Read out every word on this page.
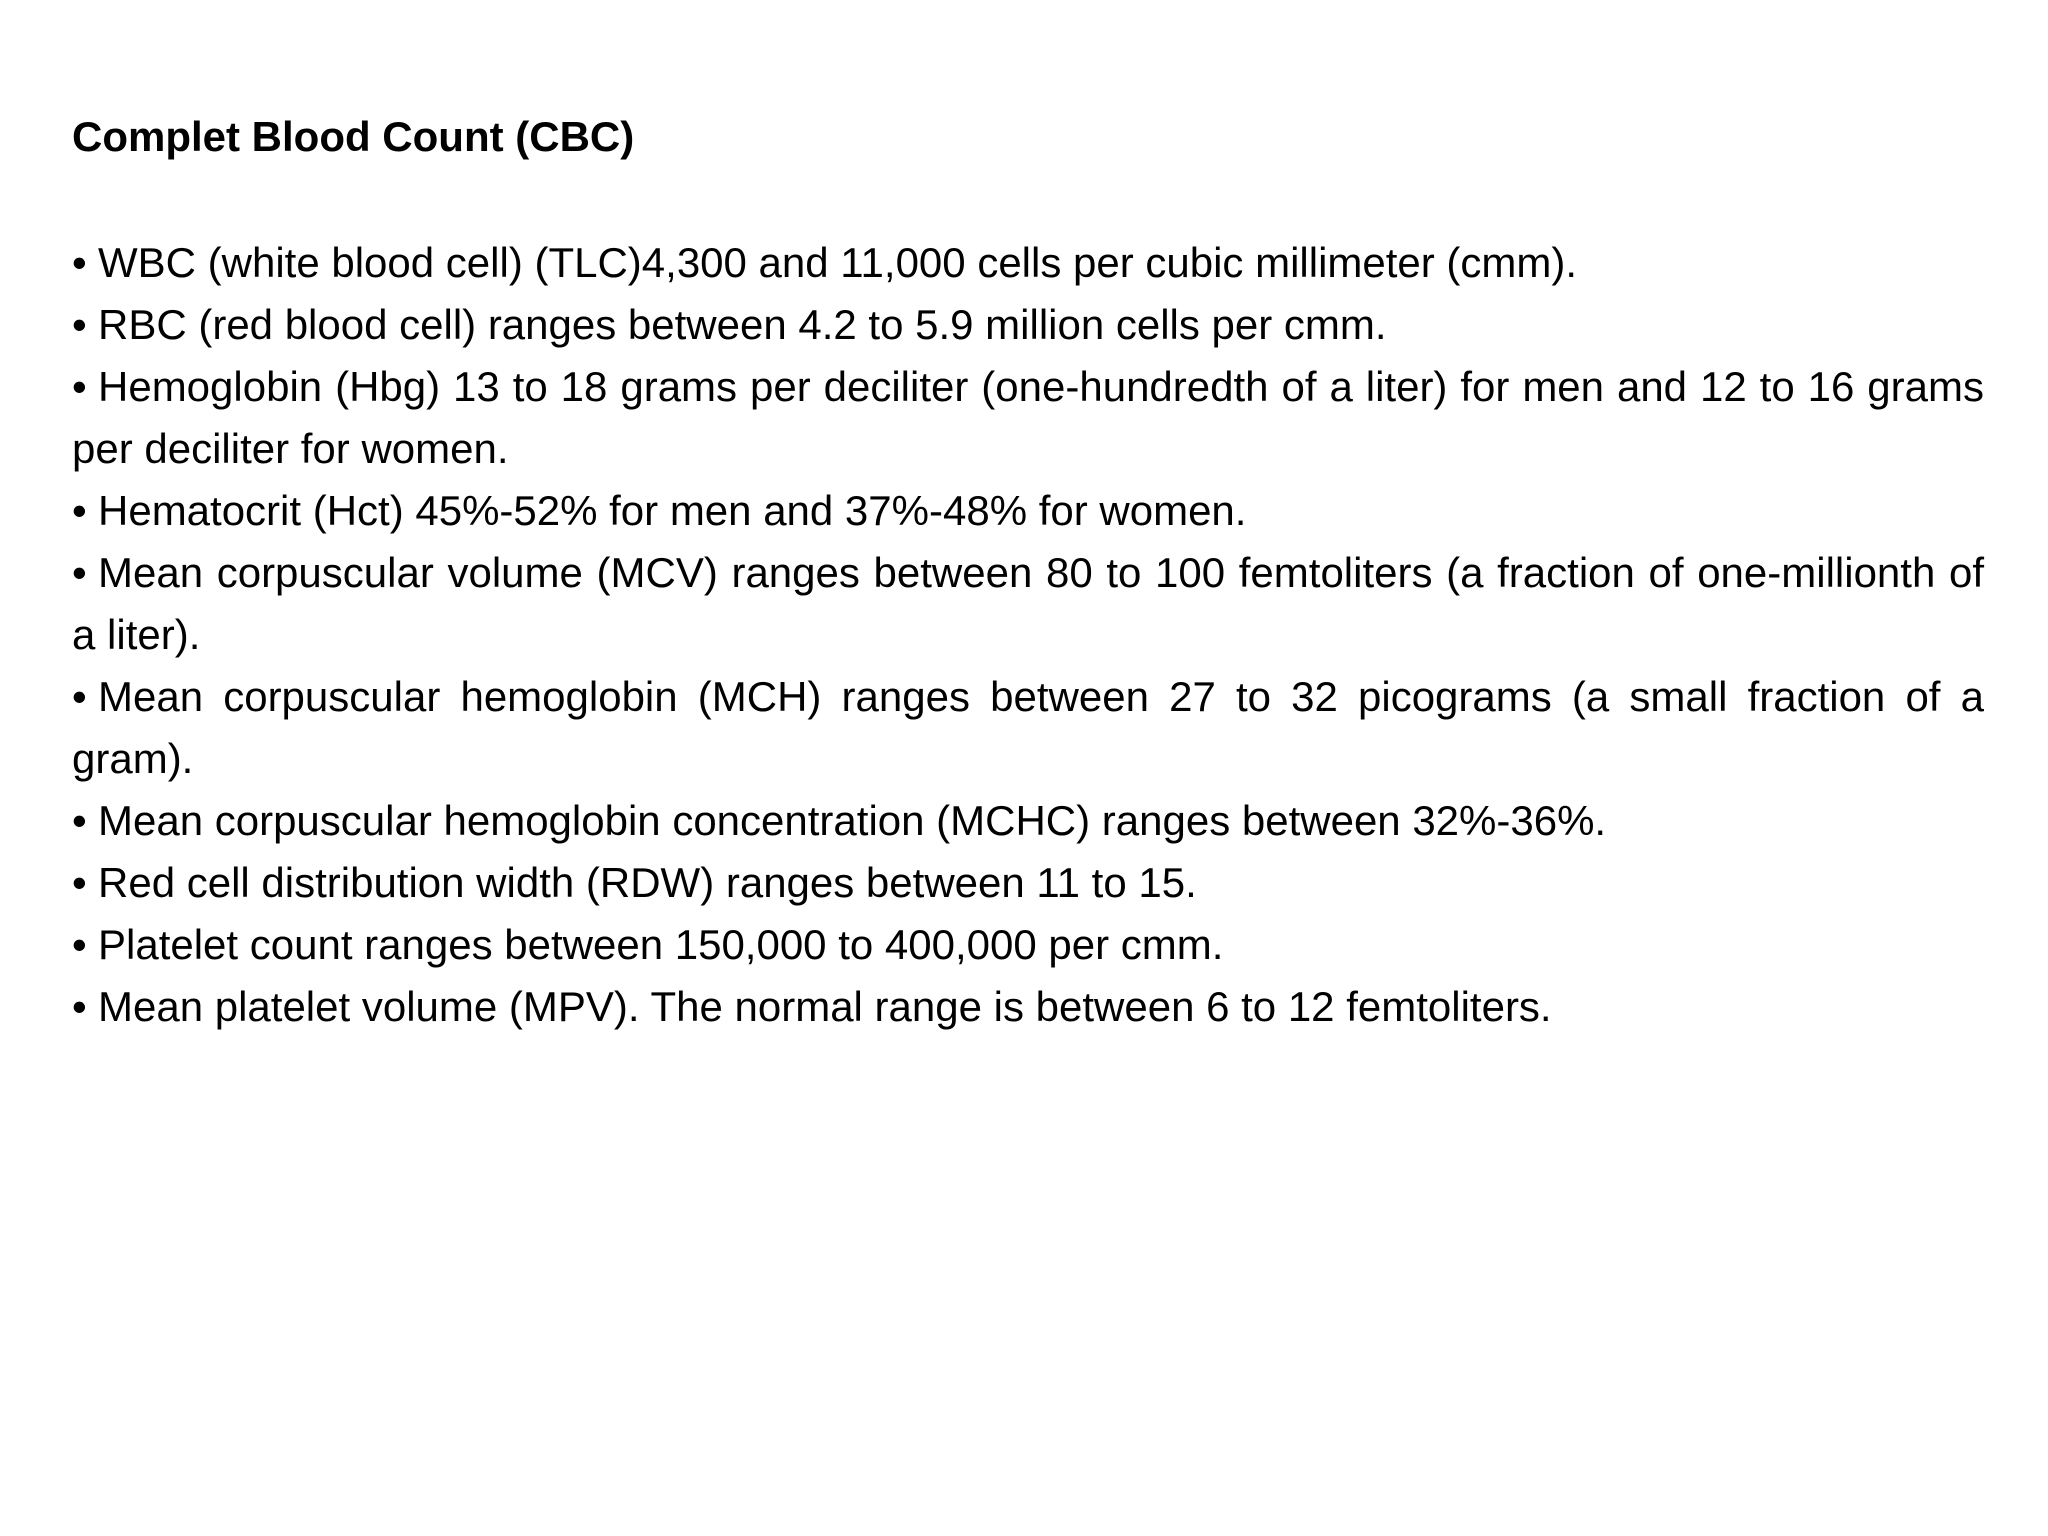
Complet Blood Count (CBC)

• WBC (white blood cell) (TLC)4,300 and 11,000 cells per cubic millimeter (cmm).

• RBC (red blood cell) ranges between 4.2 to 5.9 million cells per cmm.

• Hemoglobin (Hbg) 13 to 18 grams per deciliter (one-hundredth of a liter) for men and 12 to 16 grams per deciliter for women.

• Hematocrit (Hct) 45%-52% for men and 37%-48% for women.

• Mean corpuscular volume (MCV) ranges between 80 to 100 femtoliters (a fraction of one-millionth of a liter).

• Mean corpuscular hemoglobin (MCH) ranges between 27 to 32 picograms (a small fraction of a gram).

• Mean corpuscular hemoglobin concentration (MCHC) ranges between 32%-36%.

• Red cell distribution width (RDW) ranges between 11 to 15.

• Platelet count ranges between 150,000 to 400,000 per cmm.

• Mean platelet volume (MPV). The normal range is between 6 to 12 femtoliters.
